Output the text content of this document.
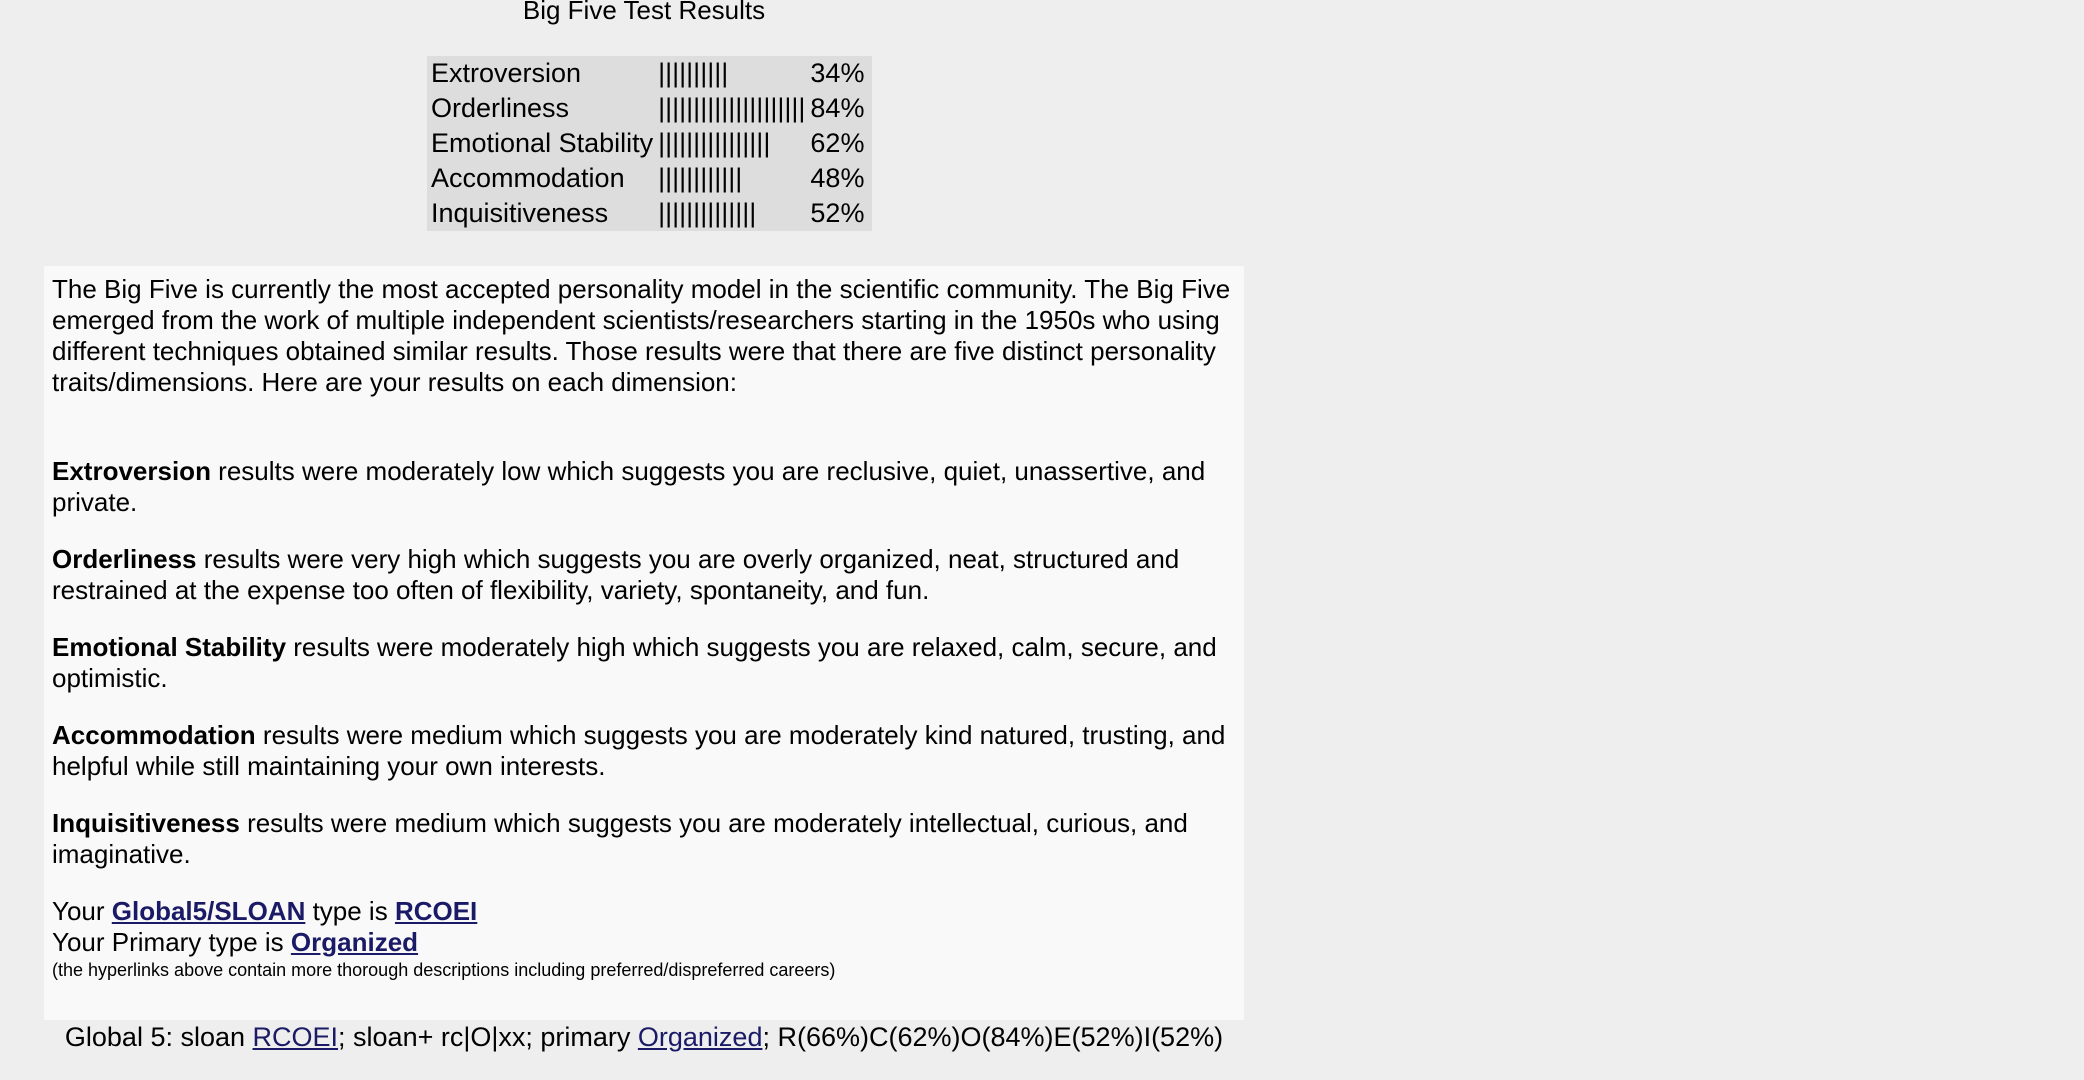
Big Five Test Results
Extroversion	||||||||||	34%
Orderliness	|||||||||||||||||||||	84%
Emotional Stability	||||||||||||||||	62%
Accommodation	||||||||||||	48%
Inquisitiveness	||||||||||||||	52%

The Big Five is currently the most accepted personality model in the scientific community. The Big Five emerged from the work of multiple independent scientists/researchers starting in the 1950s who using different techniques obtained similar results. Those results were that there are five distinct personality traits/dimensions. Here are your results on each dimension:

Extroversion results were moderately low which suggests you are reclusive, quiet, unassertive, and private.

Orderliness results were very high which suggests you are overly organized, neat, structured and restrained at the expense too often of flexibility, variety, spontaneity, and fun.

Emotional Stability results were moderately high which suggests you are relaxed, calm, secure, and optimistic.

Accommodation results were medium which suggests you are moderately kind natured, trusting, and helpful while still maintaining your own interests.

Inquisitiveness results were medium which suggests you are moderately intellectual, curious, and imaginative.

Your Global5/SLOAN type is RCOEI

Your Primary type is Organized

(the hyperlinks above contain more thorough descriptions including preferred/dispreferred careers)

Global 5: sloan RCOEI; sloan+ rc|O|xx; primary Organized; R(66%)C(62%)O(84%)E(52%)I(52%)
